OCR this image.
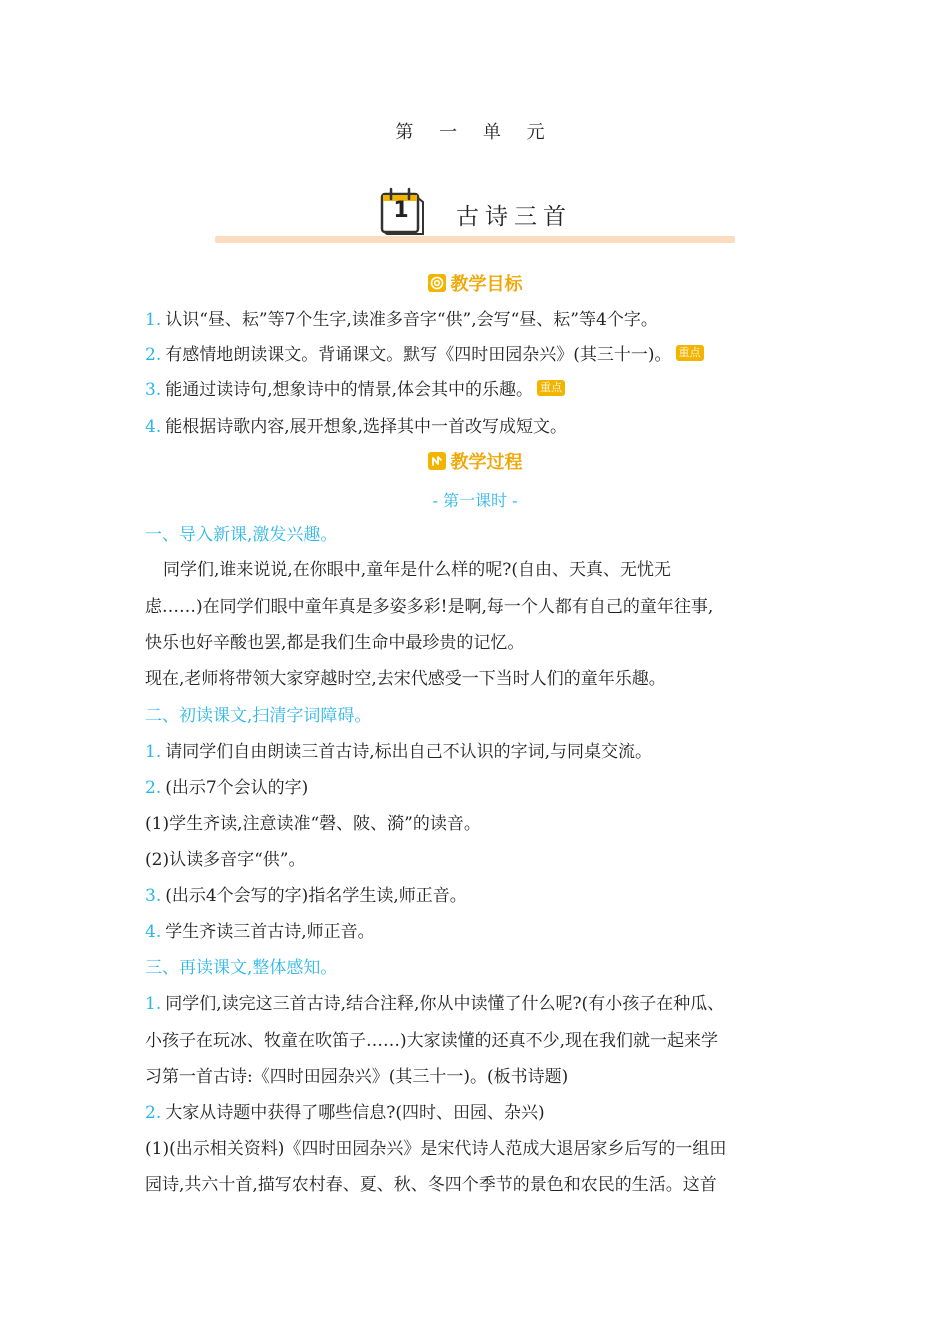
第 一 单 元
1 古诗三首
教学目标
1. 认识“昼、耘”等7个生字,读准多音字“供”,会写“昼、耘”等4个字。
2. 有感情地朗读课文。背诵课文。默写《四时田园杂兴》(其三十一)。 重点
3. 能通过读诗句,想象诗中的情景,体会其中的乐趣。 重点
4. 能根据诗歌内容,展开想象,选择其中一首改写成短文。
教学过程
- 第一课时 -
一、导入新课,激发兴趣。
同学们,谁来说说,在你眼中,童年是什么样的呢?(自由、天真、无忧无
虑……)在同学们眼中童年真是多姿多彩!是啊,每一个人都有自己的童年往事,
快乐也好辛酸也罢,都是我们生命中最珍贵的记忆。
现在,老师将带领大家穿越时空,去宋代感受一下当时人们的童年乐趣。
二、初读课文,扫清字词障碍。
1. 请同学们自由朗读三首古诗,标出自己不认识的字词,与同桌交流。
2. (出示7个会认的字)
(1)学生齐读,注意读准“磬、陂、漪”的读音。
(2)认读多音字“供”。
3. (出示4个会写的字)指名学生读,师正音。
4. 学生齐读三首古诗,师正音。
三、再读课文,整体感知。
1. 同学们,读完这三首古诗,结合注释,你从中读懂了什么呢?(有小孩子在种瓜、
小孩子在玩冰、牧童在吹笛子……)大家读懂的还真不少,现在我们就一起来学
习第一首古诗:《四时田园杂兴》(其三十一)。(板书诗题)
2. 大家从诗题中获得了哪些信息?(四时、田园、杂兴)
(1)(出示相关资料)《四时田园杂兴》是宋代诗人范成大退居家乡后写的一组田
园诗,共六十首,描写农村春、夏、秋、冬四个季节的景色和农民的生活。这首
